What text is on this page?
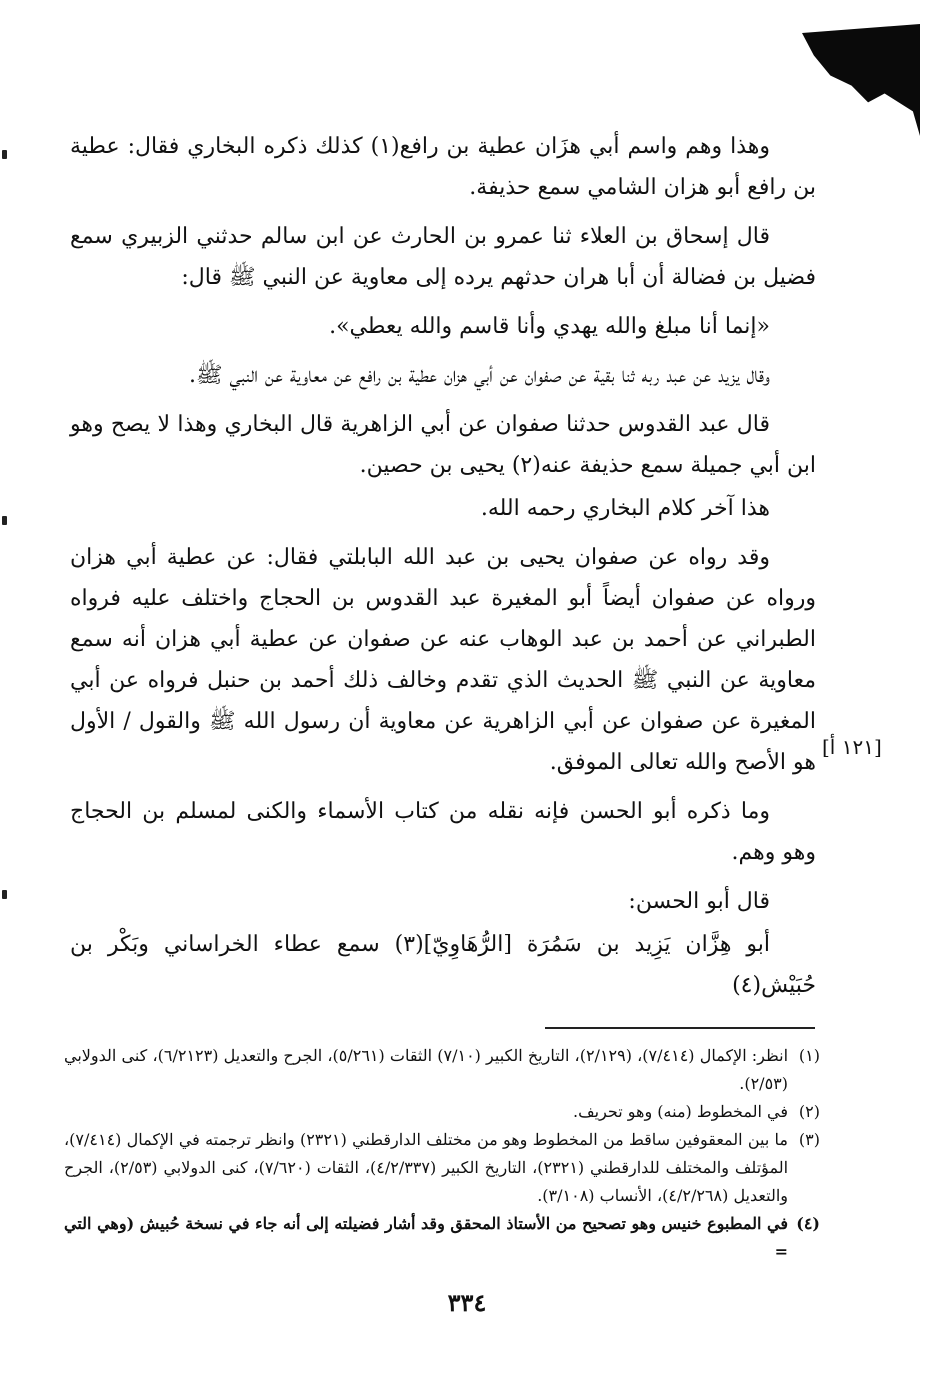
وهذا وهم واسم أبي هزَان عطية بن رافع(١) كذلك ذكره البخاري فقال: عطية بن رافع أبو هزان الشامي سمع حذيفة.

قال إسحاق بن العلاء ثنا عمرو بن الحارث عن ابن سالم حدثني الزبيري سمع فضيل بن فضالة أن أبا هران حدثهم يرده إلى معاوية عن النبي ﷺ قال:

«إنما أنا مبلغ والله يهدي وأنا قاسم والله يعطي».

وقال يزيد عن عبد ربه ثنا بقية عن صفوان عن أبي هزان عطية بن رافع عن معاوية عن النبي ﷺ.

قال عبد القدوس حدثنا صفوان عن أبي الزاهرية قال البخاري وهذا لا يصح وهو ابن أبي جميلة سمع حذيفة عنه(٢) يحيى بن حصين.

هذا آخر كلام البخاري رحمه الله.

وقد رواه عن صفوان يحيى بن عبد الله البابلتي فقال: عن عطية أبي هزان ورواه عن صفوان أيضاً أبو المغيرة عبد القدوس بن الحجاج واختلف عليه فرواه الطبراني عن أحمد بن عبد الوهاب عنه عن صفوان عن عطية أبي هزان أنه سمع معاوية عن النبي ﷺ الحديث الذي تقدم وخالف ذلك أحمد بن حنبل فرواه عن أبي المغيرة عن صفوان عن أبي الزاهرية عن معاوية أن رسول الله ﷺ والقول / الأول هو الأصح والله تعالى الموفق.

وما ذكره أبو الحسن فإنه نقله من كتاب الأسماء والكنى لمسلم بن الحجاج وهو وهم.

قال أبو الحسن:

أبو هِزَّان يَزِيد بن سَمُرَة [الرُّهَاوِيّ](٣) سمع عطاء الخراساني وبَكْر بن حُبَيْش(٤)

[١٢١ أ]

(١)
انظر: الإكمال (٧/٤١٤)، (٢/١٢٩)، التاريخ الكبير (٧/١٠) الثقات (٥/٢٦١)، الجرح والتعديل (٦/٢١٢٣)، كنى الدولابي (٢/٥٣).

(٢)
في المخطوط (منه) وهو تحريف.

(٣)
ما بين المعقوفين ساقط من المخطوط وهو من مختلف الدارقطني (٢٣٢١) وانظر ترجمته في الإكمال (٧/٤١٤)، المؤتلف والمختلف للدارقطني (٢٣٢١)، التاريخ الكبير (٤/٢/٣٣٧)، الثقات (٧/٦٢٠)، كنى الدولابي (٢/٥٣)، الجرح والتعديل (٤/٢/٢٦٨)، الأنساب (٣/١٠٨).

(٤)
في المطبوع خنيس وهو تصحيح من الأستاذ المحقق وقد أشار فضيلته إلى أنه جاء في نسخة حُبيش (وهي التي =

٣٣٤
